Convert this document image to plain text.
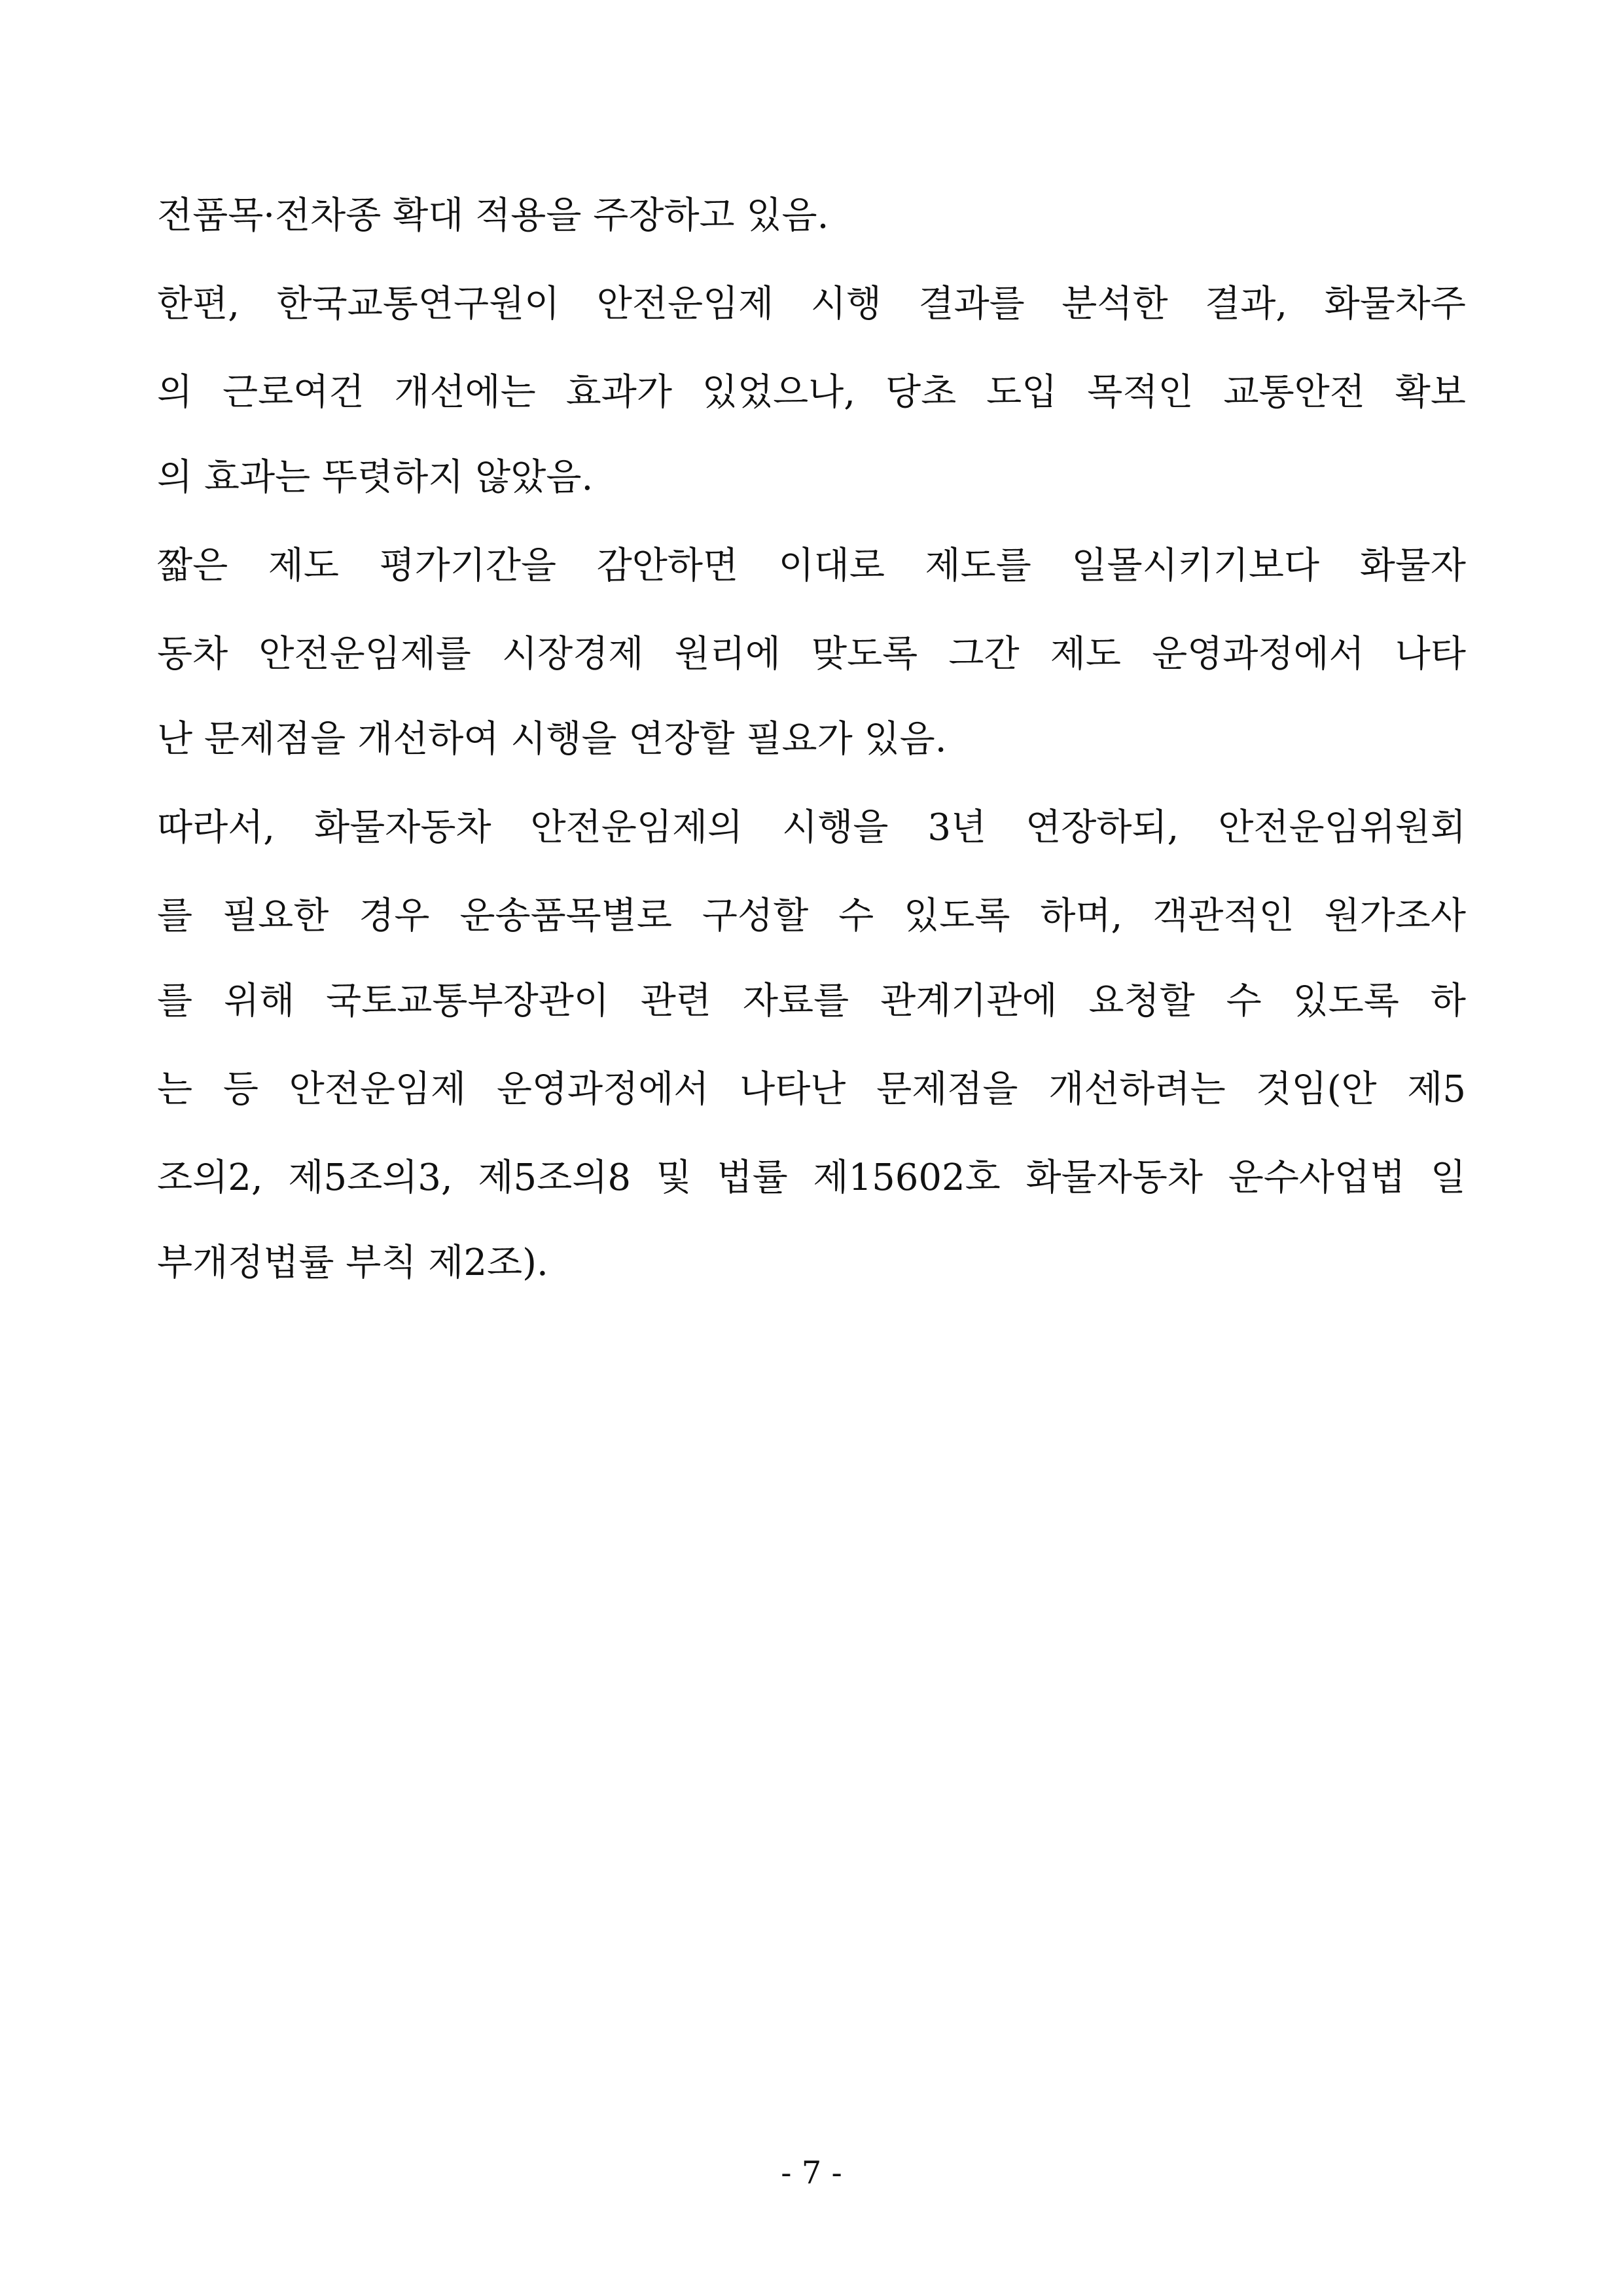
전품목·전차종 확대 적용을 주장하고 있음.
한편, 한국교통연구원이 안전운임제 시행 결과를 분석한 결과, 화물차주
의 근로여건 개선에는 효과가 있었으나, 당초 도입 목적인 교통안전 확보
의 효과는 뚜렷하지 않았음.
짧은 제도 평가기간을 감안하면 이대로 제도를 일몰시키기보다 화물자
동차 안전운임제를 시장경제 원리에 맞도록 그간 제도 운영과정에서 나타
난 문제점을 개선하여 시행을 연장할 필요가 있음.
따라서, 화물자동차 안전운임제의 시행을 3년 연장하되, 안전운임위원회
를 필요한 경우 운송품목별로 구성할 수 있도록 하며, 객관적인 원가조사
를 위해 국토교통부장관이 관련 자료를 관계기관에 요청할 수 있도록 하
는 등 안전운임제 운영과정에서 나타난 문제점을 개선하려는 것임(안 제5
조의2, 제5조의3, 제5조의8 및 법률 제15602호 화물자동차 운수사업법 일
부개정법률 부칙 제2조).
- 7 -
